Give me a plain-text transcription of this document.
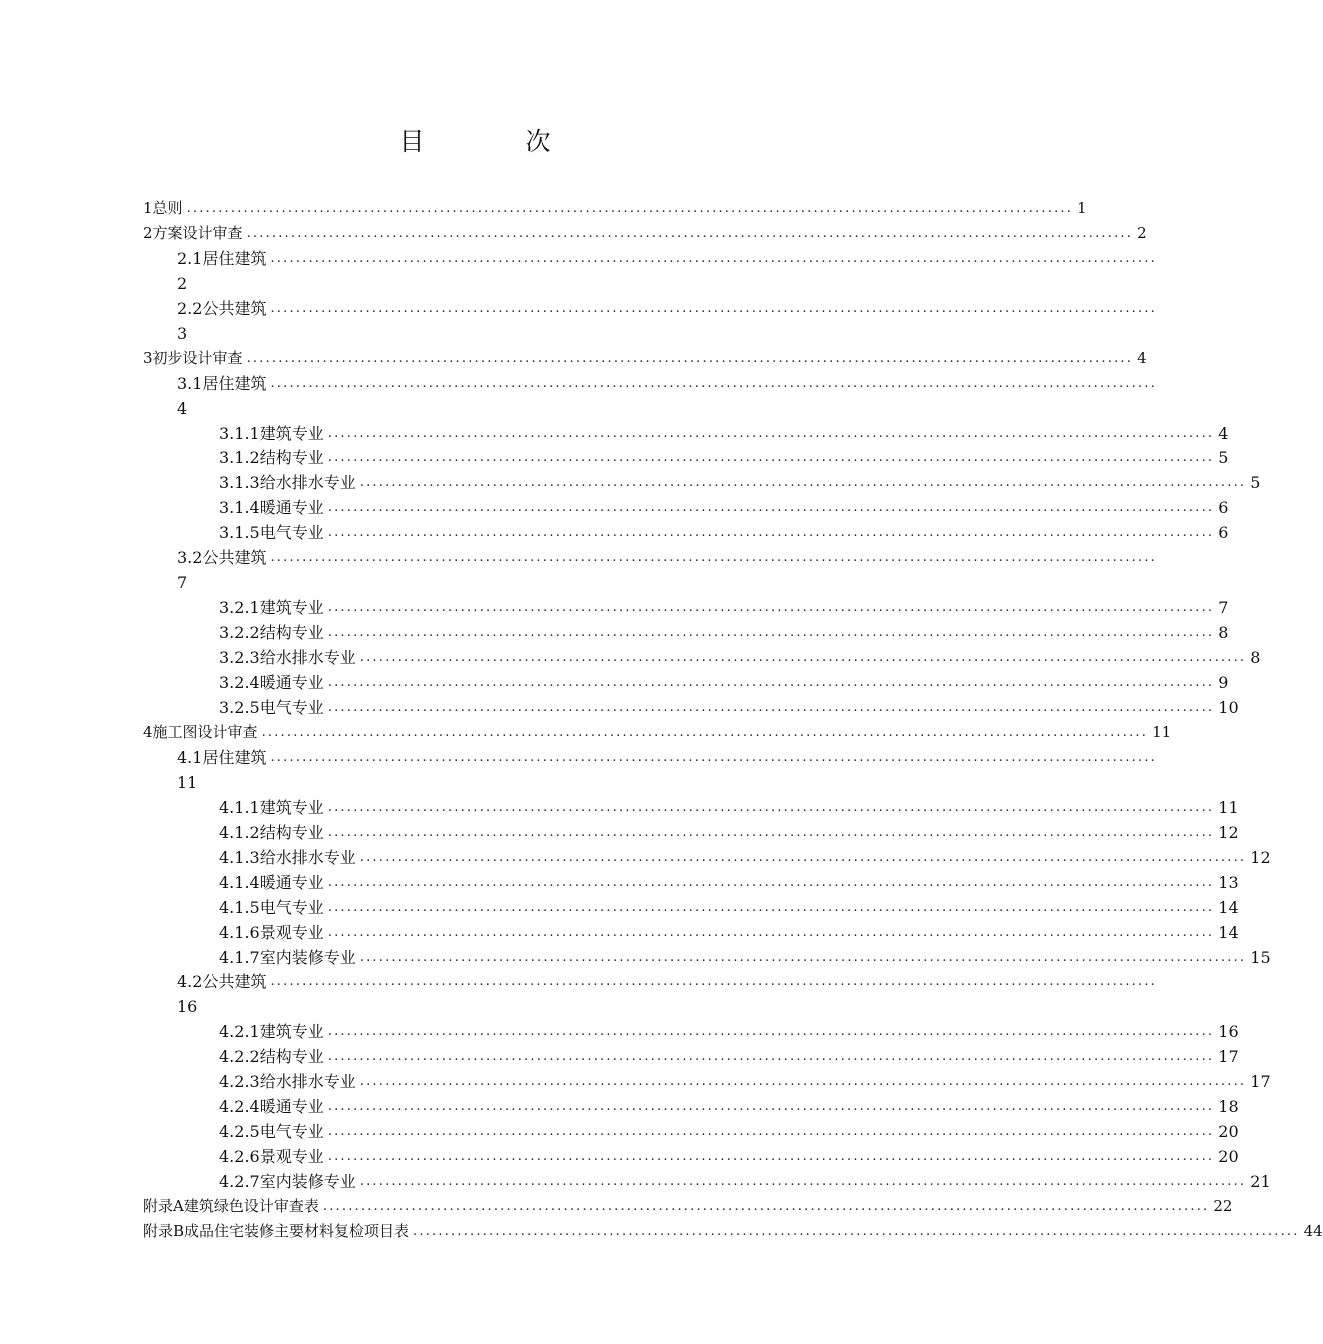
目　次
1 总则 ............................................................................................................................................ 1
2 方案设计审查 ............................................................................................................................................ 2
2.1 居住建筑 ............................................................................................................................................
2
2.2 公共建筑 ............................................................................................................................................
3
3 初步设计审查 ............................................................................................................................................ 4
3.1 居住建筑 ............................................................................................................................................
4
3.1.1 建筑专业 ............................................................................................................................................ 4
3.1.2 结构专业 ............................................................................................................................................ 5
3.1.3 给水排水专业 ............................................................................................................................................ 5
3.1.4 暖通专业 ............................................................................................................................................ 6
3.1.5 电气专业 ............................................................................................................................................ 6
3.2 公共建筑 ............................................................................................................................................
7
3.2.1 建筑专业 ............................................................................................................................................ 7
3.2.2 结构专业 ............................................................................................................................................ 8
3.2.3 给水排水专业 ............................................................................................................................................ 8
3.2.4 暖通专业 ............................................................................................................................................ 9
3.2.5 电气专业 ............................................................................................................................................ 10
4 施工图设计审查 ............................................................................................................................................ 11
4.1 居住建筑 ............................................................................................................................................
11
4.1.1 建筑专业 ............................................................................................................................................ 11
4.1.2 结构专业 ............................................................................................................................................ 12
4.1.3 给水排水专业 ............................................................................................................................................ 12
4.1.4 暖通专业 ............................................................................................................................................ 13
4.1.5 电气专业 ............................................................................................................................................ 14
4.1.6 景观专业 ............................................................................................................................................ 14
4.1.7 室内装修专业 ............................................................................................................................................ 15
4.2 公共建筑 ............................................................................................................................................
16
4.2.1 建筑专业 ............................................................................................................................................ 16
4.2.2 结构专业 ............................................................................................................................................ 17
4.2.3 给水排水专业 ............................................................................................................................................ 17
4.2.4 暖通专业 ............................................................................................................................................ 18
4.2.5 电气专业 ............................................................................................................................................ 20
4.2.6 景观专业 ............................................................................................................................................ 20
4.2.7 室内装修专业 ............................................................................................................................................ 21
附录A 建筑绿色设计审查表 ............................................................................................................................................ 22
附录B 成品住宅装修主要材料复检项目表 ............................................................................................................................................ 44
